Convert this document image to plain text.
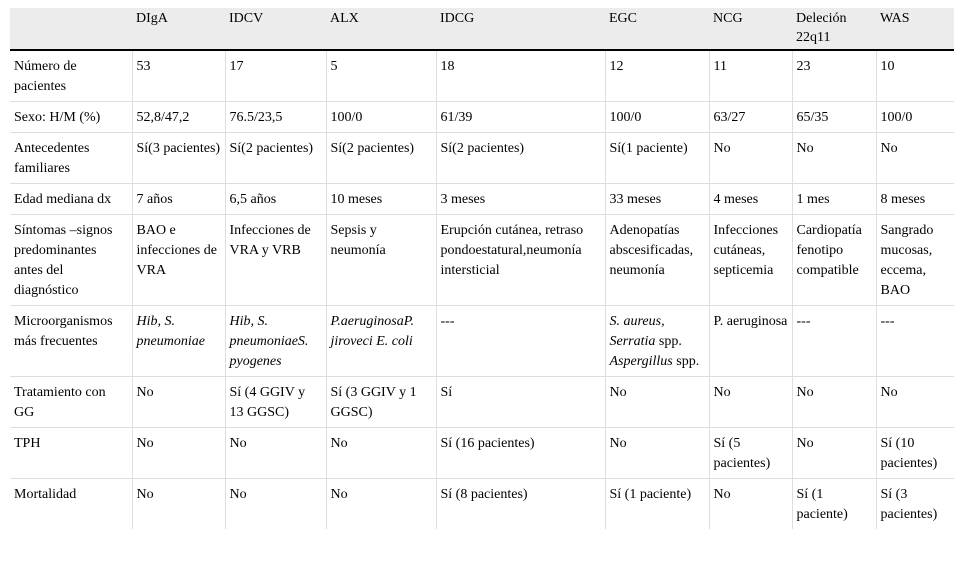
	DIgA	IDCV	ALX	IDCG	EGC	NCG	Deleción 22q11	WAS
Número de pacientes	53	17	5	18	12	11	23	10
Sexo: H/M (%)	52,8/47,2	76.5/23,5	100/0	61/39	100/0	63/27	65/35	100/0
Antecedentes familiares	Sí(3 pacientes)	Sí(2 pacientes)	Sí(2 pacientes)	Sí(2 pacientes)	Sí(1 paciente)	No	No	No
Edad mediana dx	7 años	6,5 años	10 meses	3 meses	33 meses	4 meses	1 mes	8 meses
Síntomas –signos predominantes antes del diagnóstico	BAO e infecciones de VRA	Infecciones de VRA y VRB	Sepsis y neumonía	Erupción cutánea, retraso pondoestatural,neumonía intersticial	Adenopatías abscesificadas, neumonía	Infecciones cutáneas, septicemia	Cardiopatía fenotipo compatible	Sangrado mucosas, eccema, BAO
Microorganismos más frecuentes	Hib, S. pneumoniae	Hib, S. pneumoniaeS. pyogenes	P.aeruginosaP. jiroveci E. coli	---	S. aureus, Serratia spp. Aspergillus spp.	P. aeruginosa	---	---
Tratamiento con GG	No	Sí (4 GGIV y 13 GGSC)	Sí (3 GGIV y 1 GGSC)	Sí	No	No	No	No
TPH	No	No	No	Sí (16 pacientes)	No	Sí (5 pacientes)	No	Sí (10 pacientes)
Mortalidad	No	No	No	Sí (8 pacientes)	Sí (1 paciente)	No	Sí (1 paciente)	Sí (3 pacientes)
